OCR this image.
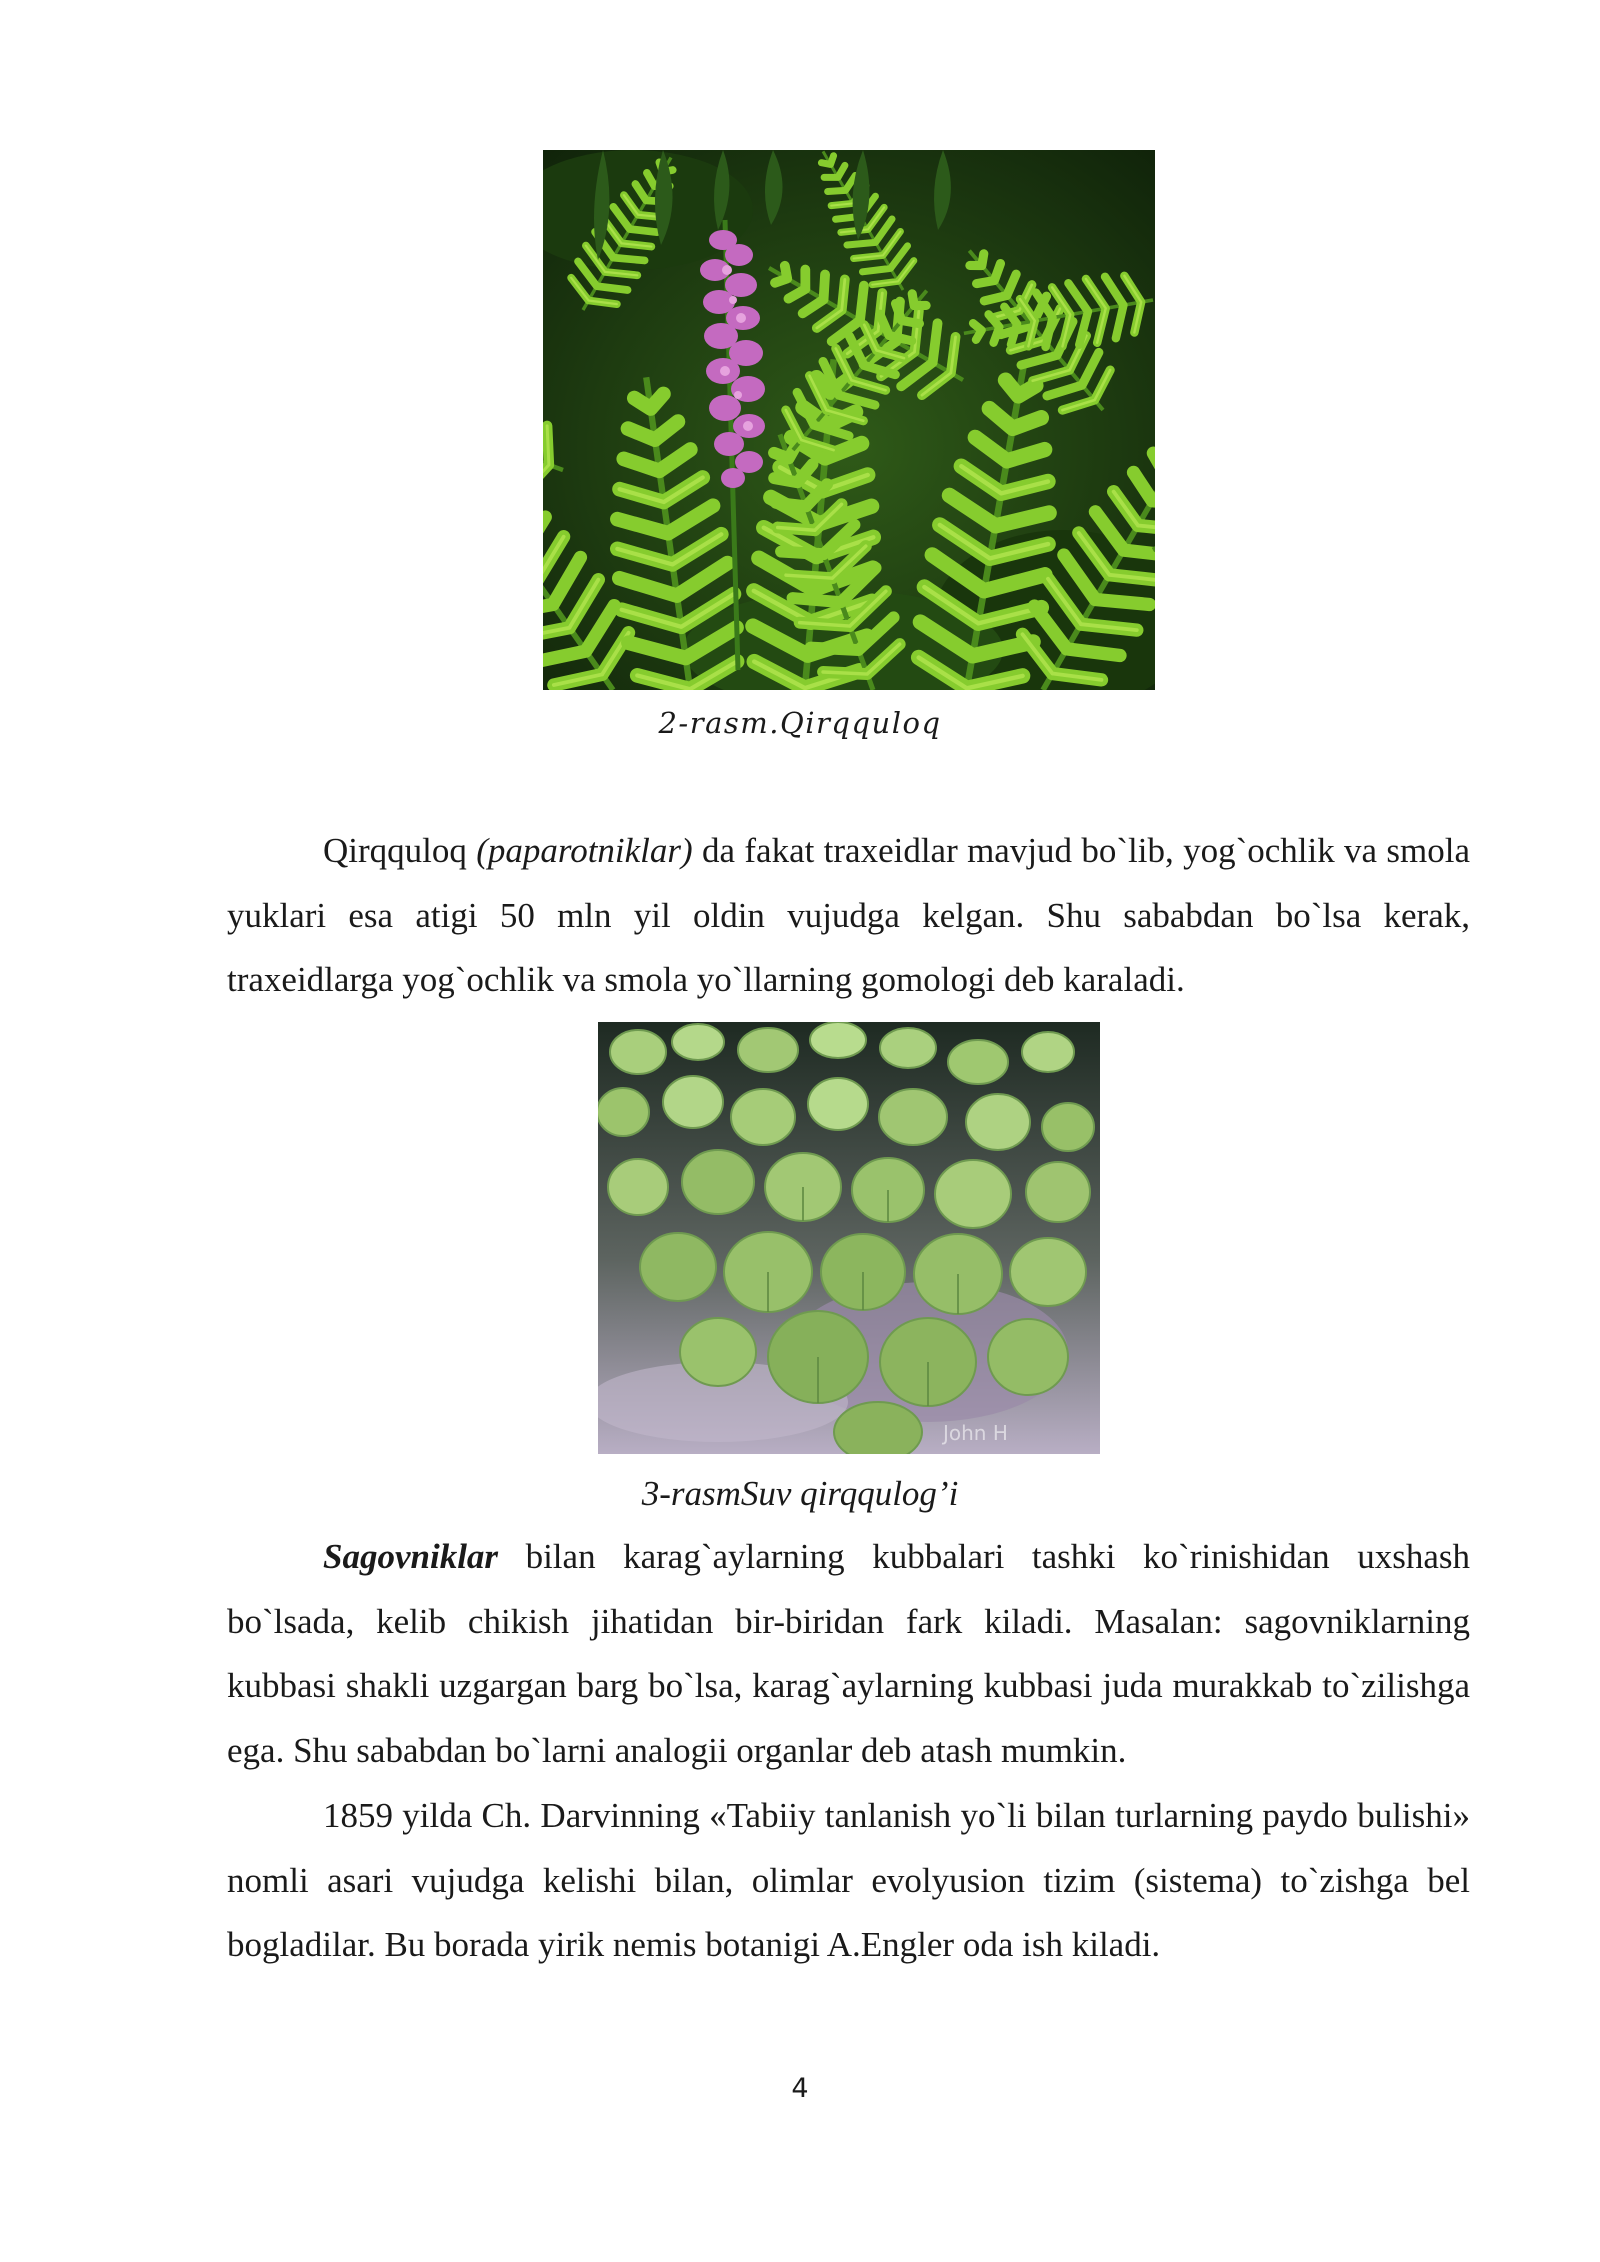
2-rasm.Qirqquloq

Qirqquloq (paparotniklar) da fakat traxeidlar mavjud bo`lib, yog`ochlik va smola yuklari esa atigi 50 mln yil oldin vujudga kelgan. Shu sababdan bo`lsa kerak, traxeidlarga yog`ochlik va smola yo`llarning gomologi deb karaladi.

John H
3-rasmSuv qirqqulog’i

Sagovniklar bilan karag`aylarning kubbalari tashki ko`rinishidan uxshash bo`lsada, kelib chikish jihatidan bir-biridan fark kiladi. Masalan: sagovniklarning kubbasi shakli uzgargan barg bo`lsa, karag`aylarning kubbasi juda murakkab to`zilishga ega. Shu sababdan bo`larni analogii organlar deb atash mumkin.

1859 yilda Ch. Darvinning «Tabiiy tanlanish yo`li bilan turlarning paydo bulishi» nomli asari vujudga kelishi bilan, olimlar evolyusion tizim (sistema) to`zishga bel bogladilar. Bu borada yirik nemis botanigi A.Engler oda ish kiladi.

4
